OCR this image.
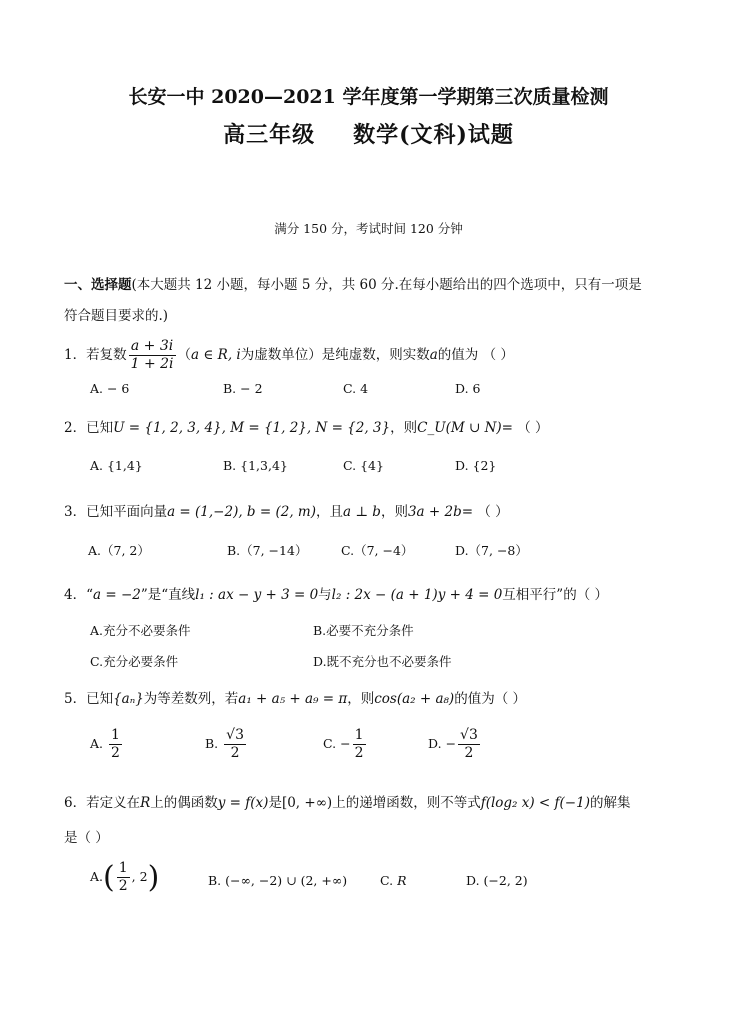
长安一中 2020—2021 学年度第一学期第三次质量检测
高三年级 数学(文科)试题
满分 150 分，考试时间 120 分钟
一、选择题(本大题共 12 小题，每小题 5 分，共 60 分.在每小题给出的四个选项中，只有一项是
符合题目要求的.)
1．若复数 $\frac{a + 3i}{1 + 2i} (a$ ∈ R, i为虚数单位）是纯虚数，则实数a的值为 （ ）
A. − 6	B. − 2	C. 4	D. 6
2．已知U = {1, 2, 3, 4}, M = {1, 2}, N = {2, 3}，则C_U(M ∪ N)= （ ）
A. {1,4}	B. {1,3,4}	C. {4}	D. {2}
3．已知平面向量a = (1,−2), b = (2, m)，且a ⊥ b，则3a + 2b= （ ）
A.（7, 2）	B.（7, −14）	C.（7, −4）	D.（7, −8）
4．“a = −2”是“直线l₁ : ax − y + 3 = 0与l₂ : 2x − (a + 1)y + 4 = 0互相平行”的（ ）
A.充分不必要条件	B.必要不充分条件
C.充分必要条件	D.既不充分也不必要条件
5．已知{aₙ}为等差数列，若a₁ + a₅ + a₉ = π，则cos(a₂ + a₈)的值为（ ）
A. $\frac{1}{2}$	B. $\frac{√3}{2}$	C. − $\frac{1}{2}$	D. − $\frac{√3}{2}$
6．若定义在R上的偶函数y = f(x)是[0, +∞)上的递增函数，则不等式f(log₂ x) < f(−1)的解集
是（ ）
$A.( \frac{1}{2}$ , 2)	B. (−∞, −2) ∪ (2, +∞)	C. R	D. (−2, 2)
